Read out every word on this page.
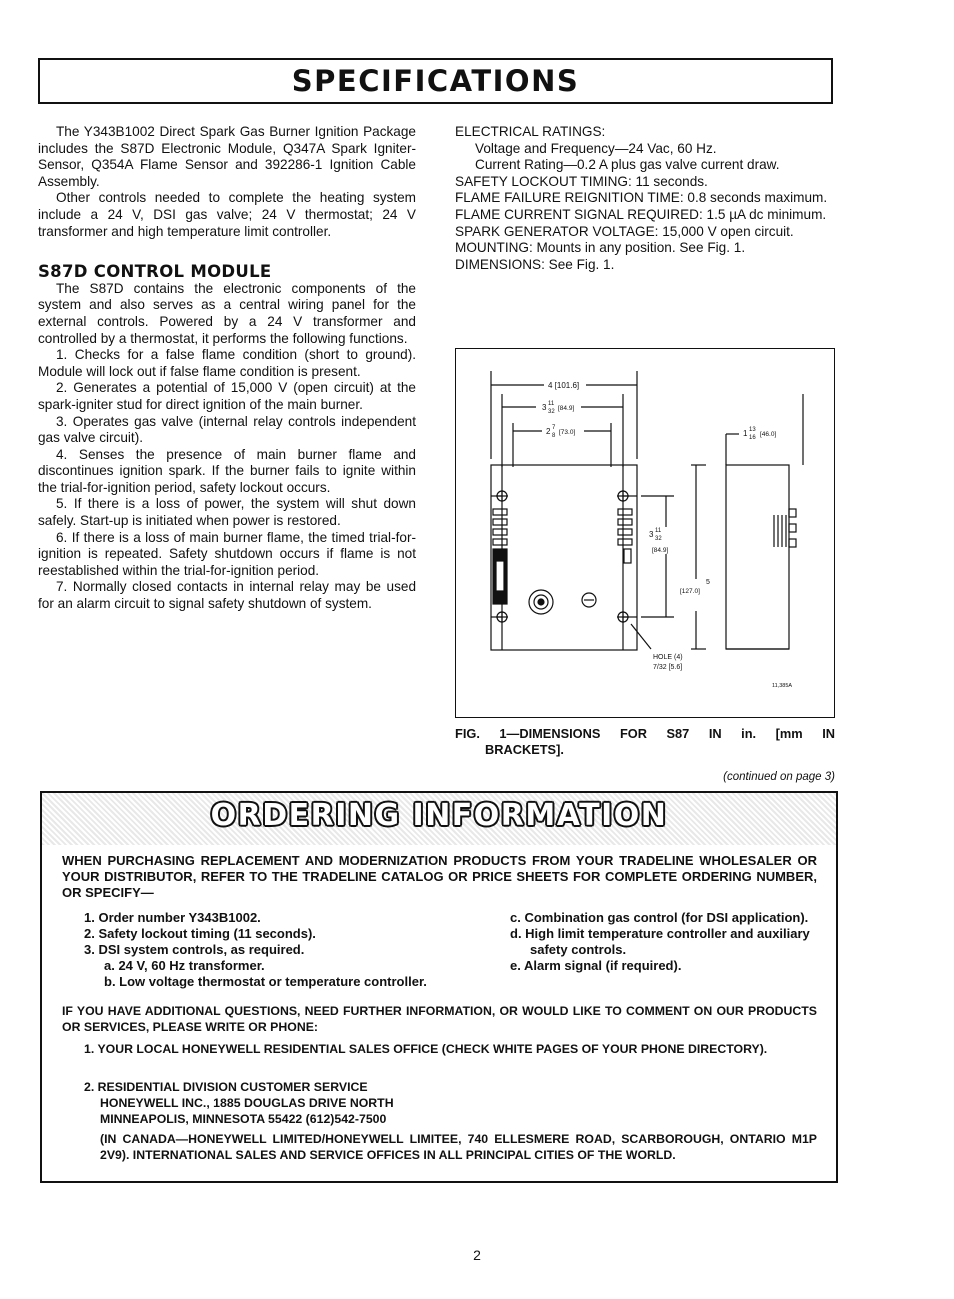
SPECIFICATIONS

The Y343B1002 Direct Spark Gas Burner Ignition Package includes the S87D Electronic Module, Q347A Spark Igniter-Sensor, Q354A Flame Sensor and 392286-1 Ignition Cable Assembly.

Other controls needed to complete the heating system include a 24 V, DSI gas valve; 24 V thermostat; 24 V transformer and high temperature limit controller.

S87D CONTROL MODULE

The S87D contains the electronic components of the system and also serves as a central wiring panel for the external controls. Powered by a 24 V transformer and controlled by a thermostat, it performs the following functions.

1. Checks for a false flame condition (short to ground). Module will lock out if false flame condition is present.

2. Generates a potential of 15,000 V (open circuit) at the spark-igniter stud for direct ignition of the main burner.

3. Operates gas valve (internal relay controls independent gas valve circuit).

4. Senses the presence of main burner flame and discontinues ignition spark. If the burner fails to ignite within the trial-for-ignition period, safety lockout occurs.

5. If there is a loss of power, the system will shut down safely. Start-up is initiated when power is restored.

6. If there is a loss of main burner flame, the timed trial-for-ignition is repeated. Safety shutdown occurs if flame is not reestablished within the trial-for-ignition period.

7. Normally closed contacts in internal relay may be used for an alarm circuit to signal safety shutdown of system.

ELECTRICAL RATINGS:

Voltage and Frequency—24 Vac, 60 Hz.

Current Rating—0.2 A plus gas valve current draw.

SAFETY LOCKOUT TIMING: 11 seconds.

FLAME FAILURE REIGNITION TIME: 0.8 seconds maximum.

FLAME CURRENT SIGNAL REQUIRED: 1.5 µA dc minimum.

SPARK GENERATOR VOLTAGE: 15,000 V open circuit.

MOUNTING: Mounts in any position. See Fig. 1.

DIMENSIONS: See Fig. 1.

4 [101.6]
3 11
32 [84.9]
2 7
8 [73.0]	1 13
16 [46.0]
3 11
32
[84.9]
5
[127.0]
HOLE (4)
7/32 [5.6]
11,385A
FIG. 1—DIMENSIONS FOR S87 IN in. [mm IN
BRACKETS].
(continued on page 3)
ORDERING INFORMATION
WHEN PURCHASING REPLACEMENT AND MODERNIZATION PRODUCTS FROM YOUR TRADELINE WHOLESALER OR YOUR DISTRIBUTOR, REFER TO THE TRADELINE CATALOG OR PRICE SHEETS FOR COMPLETE ORDERING NUMBER, OR SPECIFY—
1. Order number Y343B1002.
2. Safety lockout timing (11 seconds).
3. DSI system controls, as required.
a. 24 V, 60 Hz transformer.
b. Low voltage thermostat or temperature controller.
c. Combination gas control (for DSI application).
d. High limit temperature controller and auxiliary safety controls.
e. Alarm signal (if required).
IF YOU HAVE ADDITIONAL QUESTIONS, NEED FURTHER INFORMATION, OR WOULD LIKE TO COMMENT ON OUR PRODUCTS OR SERVICES, PLEASE WRITE OR PHONE:
1. YOUR LOCAL HONEYWELL RESIDENTIAL SALES OFFICE (CHECK WHITE PAGES OF YOUR PHONE DIRECTORY).
2. RESIDENTIAL DIVISION CUSTOMER SERVICE
HONEYWELL INC., 1885 DOUGLAS DRIVE NORTH
MINNEAPOLIS, MINNESOTA 55422 (612)542-7500
(IN CANADA—HONEYWELL LIMITED/HONEYWELL LIMITEE, 740 ELLESMERE ROAD, SCARBOROUGH, ONTARIO M1P 2V9). INTERNATIONAL SALES AND SERVICE OFFICES IN ALL PRINCIPAL CITIES OF THE WORLD.
2
